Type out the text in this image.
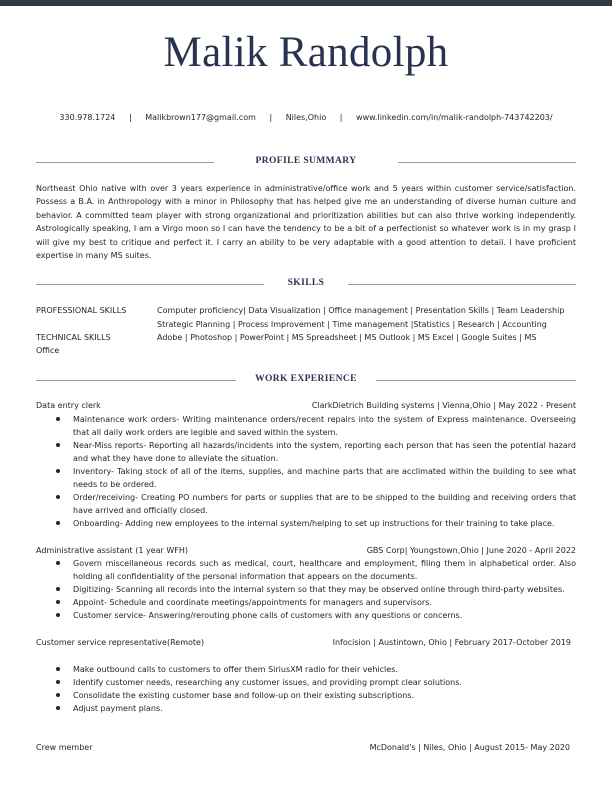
Malik Randolph
330.978.1724 | Malikbrown177@gmail.com | Niles,Ohio | www.linkedin.com/in/malik-randolph-743742203/
PROFILE SUMMARY
Northeast Ohio native with over 3 years experience in administrative/office work and 5 years within customer service/satisfaction. Possess a B.A. in Anthropology with a minor in Philosophy that has helped give me an understanding of diverse human culture and behavior. A committed team player with strong organizational and prioritization abilities but can also thrive working independently. Astrologically speaking, I am a Virgo moon so I can have the tendency to be a bit of a perfectionist so whatever work is in my grasp I will give my best to critique and perfect it. I carry an ability to be very adaptable with a good attention to detail. I have proficient expertise in many MS suites.
SKILLS
PROFESSIONAL SKILLS	Computer proficiency| Data Visualization | Office management | Presentation Skills | Team Leadership Strategic Planning | Process Improvement | Time management |Statistics | Research | Accounting
TECHNICAL SKILLS	Adobe | Photoshop | PowerPoint | MS Spreadsheet | MS Outlook | MS Excel | Google Suites | MS
Office
WORK EXPERIENCE
Data entry clerk	ClarkDietrich Building systems | Vienna,Ohio | May 2022 - Present
Maintenance work orders- Writing maintenance orders/recent repairs into the system of Express maintenance. Overseeing that all daily work orders are legible and saved within the system.
Near-Miss reports- Reporting all hazards/incidents into the system, reporting each person that has seen the potential hazard and what they have done to alleviate the situation.
Inventory- Taking stock of all of the items, supplies, and machine parts that are acclimated within the building to see what needs to be ordered.
Order/receiving- Creating PO numbers for parts or supplies that are to be shipped to the building and receiving orders that have arrived and officially closed.
Onboarding- Adding new employees to the internal system/helping to set up instructions for their training to take place.
Administrative assistant (1 year WFH)	GBS Corp| Youngstown,Ohio | June 2020 - April 2022
Govern miscellaneous records such as medical, court, healthcare and employment, filing them in alphabetical order. Also holding all confidentiality of the personal information that appears on the documents.
Digitizing- Scanning all records into the internal system so that they may be observed online through third-party websites.
Appoint- Schedule and coordinate meetings/appointments for managers and supervisors.
Customer service- Answering/rerouting phone calls of customers with any questions or concerns.
Customer service representative(Remote)	Infocision | Austintown, Ohio | February 2017-October 2019
Make outbound calls to customers to offer them SiriusXM radio for their vehicles.
Identify customer needs, researching any customer issues, and providing prompt clear solutions.
Consolidate the existing customer base and follow-up on their existing subscriptions.
Adjust payment plans.
Crew member	McDonald's | Niles, Ohio | August 2015- May 2020
